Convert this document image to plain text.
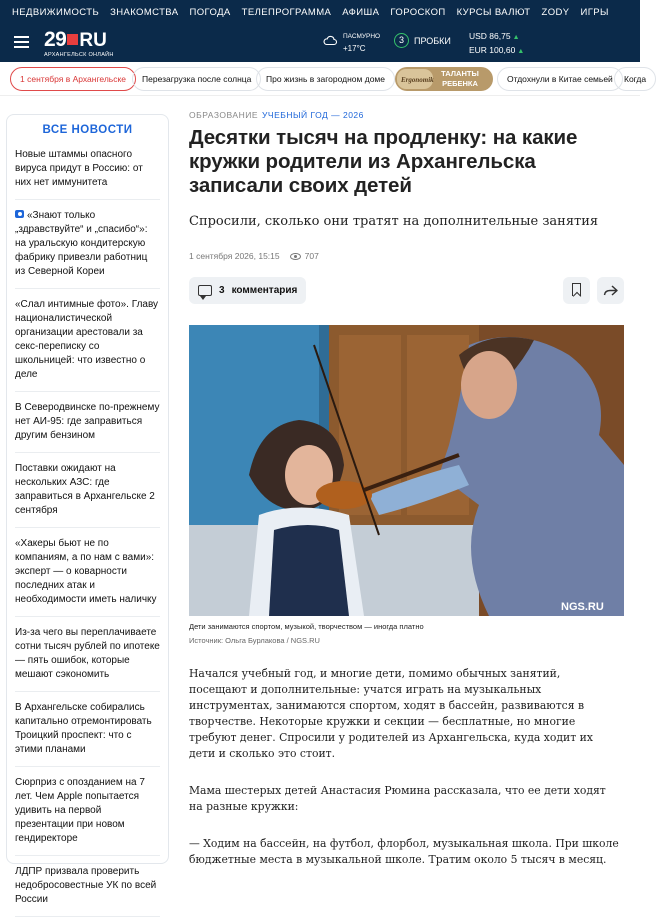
НЕДВИЖИМОСТЬ ЗНАКОМСТВА ПОГОДА ТЕЛЕПРОГРАММА АФИША ГОРОСКОП КУРСЫ ВАЛЮТ ZODY ИГРЫ
29 RU
АРХАНГЕЛЬСК ОНЛАЙН
ПАСМУРНО
+17°C
3	ПРОБКИ USD 86,75 ▲
EUR 100,60 ▲
1 сентября в Архангельске	Перезагрузка после солнца	Про жизнь в загородном доме	Ergonomik
ТАЛАНТЫ РЕБЕНКА	Отдохнули в Китае семьей	Когда
ВСЕ НОВОСТИ
Новые штаммы опасного вируса придут в Россию: от них нет иммунитета
«Знают только „здравствуйте“ и „спасибо“»: на уральскую кондитерскую фабрику привезли работниц из Северной Кореи
«Слал интимные фото». Главу националистической организации арестовали за секс-переписку со школьницей: что известно о деле
В Северодвинске по-прежнему нет АИ-95: где заправиться другим бензином
Поставки ожидают на нескольких АЗС: где заправиться в Архангельске 2 сентября
«Хакеры бьют не по компаниям, а по нам с вами»: эксперт — о коварности последних атак и необходимости иметь наличку
Из-за чего вы переплачиваете сотни тысяч рублей по ипотеке — пять ошибок, которые мешают сэкономить
В Архангельске собирались капитально отремонтировать Троицкий проспект: что с этими планами
Сюрприз с опозданием на 7 лет. Чем Apple попытается удивить на первой презентации при новом гендиректоре
ЛДПР призвала проверить недобросовестные УК по всей России
ОБРАЗОВАНИЕ УЧЕБНЫЙ ГОД — 2026
Десятки тысяч на продленку: на какие кружки родители из Архангельска записали своих детей
Спросили, сколько они тратят на дополнительные занятия
1 сентября 2026, 15:15	707
3 комментария
NGS.RU
Дети занимаются спортом, музыкой, творчеством — иногда платно
Источник: Ольга Бурлакова / NGS.RU

Начался учебный год, и многие дети, помимо обычных занятий, посещают и дополнительные: учатся играть на музыкальных инструментах, занимаются спортом, ходят в бассейн, развиваются в творчестве. Некоторые кружки и секции — бесплатные, но многие требуют денег. Спросили у родителей из Архангельска, куда ходит их дети и сколько это стоит.

Мама шестерых детей Анастасия Рюмина рассказала, что ее дети ходят на разные кружки:

— Ходим на бассейн, на футбол, флорбол, музыкальная школа. При школе бюджетные места в музыкальной школе. Тратим около 5 тысяч в месяц.
